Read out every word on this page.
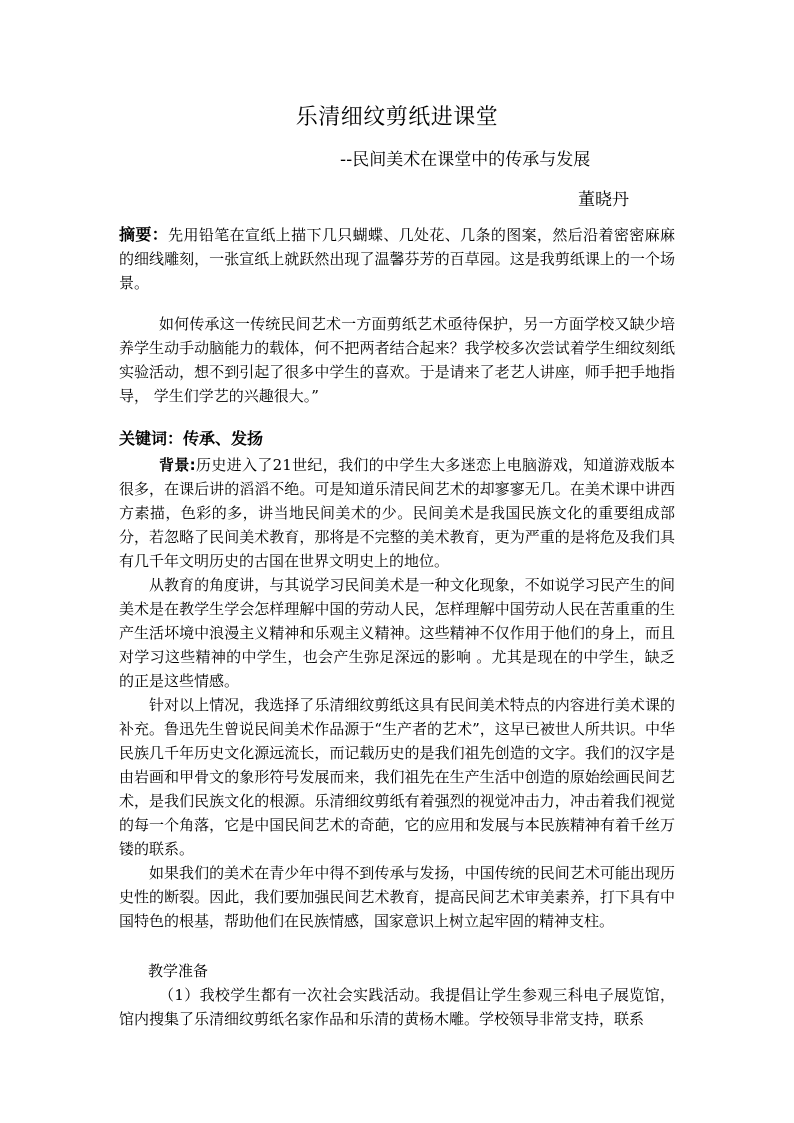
乐清细纹剪纸进课堂
--民间美术在课堂中的传承与发展
董晓丹
摘要：先用铅笔在宣纸上描下几只蝴蝶、几处花、几条的图案，然后沿着密密麻麻的细线雕刻，一张宣纸上就跃然出现了温馨芬芳的百草园。这是我剪纸课上的一个场景。
如何传承这一传统民间艺术一方面剪纸艺术亟待保护，另一方面学校又缺少培养学生动手动脑能力的载体，何不把两者结合起来？我学校多次尝试着学生细纹刻纸实验活动，想不到引起了很多中学生的喜欢。于是请来了老艺人讲座，师手把手地指导， 学生们学艺的兴趣很大。”
关键词：传承、发扬

背景:历史进入了21世纪，我们的中学生大多迷恋上电脑游戏，知道游戏版本很多，在课后讲的滔滔不绝。可是知道乐清民间艺术的却寥寥无几。在美术课中讲西方素描，色彩的多，讲当地民间美术的少。民间美术是我国民族文化的重要组成部分，若忽略了民间美术教育，那将是不完整的美术教育，更为严重的是将危及我们具有几千年文明历史的古国在世界文明史上的地位。

从教育的角度讲，与其说学习民间美术是一种文化现象，不如说学习民产生的间美术是在教学生学会怎样理解中国的劳动人民，怎样理解中国劳动人民在苦重重的生产生活坏境中浪漫主义精神和乐观主义精神。这些精神不仅作用于他们的身上，而且对学习这些精神的中学生，也会产生弥足深远的影响 。尤其是现在的中学生，缺乏的正是这些情感。

针对以上情况，我选择了乐清细纹剪纸这具有民间美术特点的内容进行美术课的补充。鲁迅先生曾说民间美术作品源于“生产者的艺术”，这早已被世人所共识。中华民族几千年历史文化源远流长，而记载历史的是我们祖先创造的文字。我们的汉字是由岩画和甲骨文的象形符号发展而来，我们祖先在生产生活中创造的原始绘画民间艺术，是我们民族文化的根源。乐清细纹剪纸有着强烈的视觉冲击力，冲击着我们视觉的每一个角落，它是中国民间艺术的奇葩，它的应用和发展与本民族精神有着千丝万镂的联系。

如果我们的美术在青少年中得不到传承与发扬，中国传统的民间艺术可能出现历史性的断裂。因此，我们要加强民间艺术教育，提高民间艺术审美素养，打下具有中国特色的根基，帮助他们在民族情感，国家意识上树立起牢固的精神支柱。

教学准备

（1）我校学生都有一次社会实践活动。我提倡让学生参观三科电子展览馆，馆内搜集了乐清细纹剪纸名家作品和乐清的黄杨木雕。学校领导非常支持，联系
